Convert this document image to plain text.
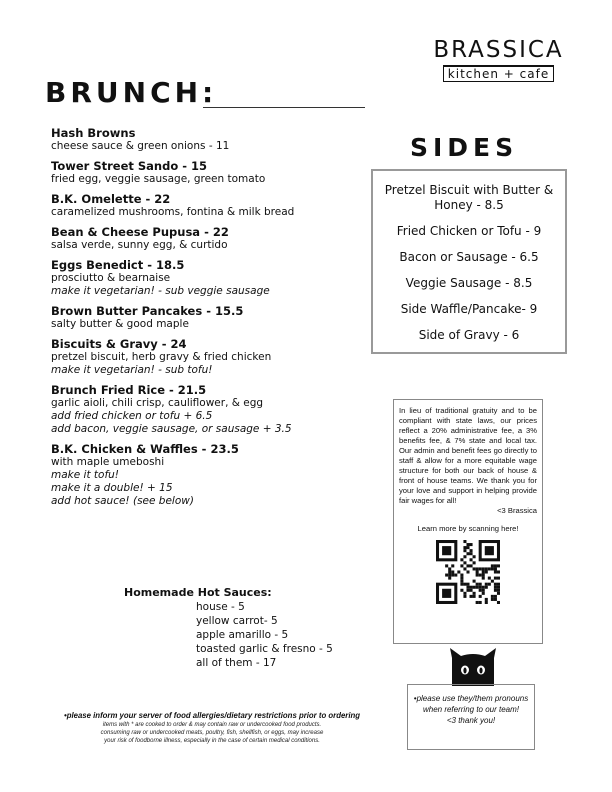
BRASSICA
kitchen + cafe
BRUNCH:
Hash Browns
cheese sauce & green onions - 11
Tower Street Sando - 15
fried egg, veggie sausage, green tomato
B.K. Omelette - 22
caramelized mushrooms, fontina & milk bread
Bean & Cheese Pupusa - 22
salsa verde, sunny egg, & curtido
Eggs Benedict - 18.5
prosciutto & bearnaise
make it vegetarian! - sub veggie sausage
Brown Butter Pancakes - 15.5
salty butter & good maple
Biscuits & Gravy - 24
pretzel biscuit, herb gravy & fried chicken
make it vegetarian! - sub tofu!
Brunch Fried Rice - 21.5
garlic aioli, chili crisp, cauliflower, & egg
add fried chicken or tofu + 6.5
add bacon, veggie sausage, or sausage + 3.5
B.K. Chicken & Waffles - 23.5
with maple umeboshi
make it tofu!
make it a double! + 15
add hot sauce! (see below)
Homemade Hot Sauces:
house - 5
yellow carrot- 5
apple amarillo - 5
toasted garlic & fresno - 5
all of them - 17
SIDES
Pretzel Biscuit with Butter & Honey - 8.5
Fried Chicken or Tofu - 9
Bacon or Sausage - 6.5
Veggie Sausage - 8.5
Side Waffle/Pancake- 9
Side of Gravy - 6

In lieu of traditional gratuity and to be compliant with state laws, our prices reflect a 20% administrative fee, a 3% benefits fee, & 7% state and local tax. Our admin and benefit fees go directly to staff & allow for a more equitable wage structure for both our back of house & front of house teams. We thank you for your love and support in helping provide fair wages for all!
<3 Brassica

Learn more by scanning here!
•please use they/them pronouns
when referring to our team!
<3 thank you!
•please inform your server of food allergies/dietary restrictions prior to ordering
items with * are cooked to order & may contain raw or undercooked food products.
consuming raw or undercooked meats, poultry, fish, shellfish, or eggs, may increase
your risk of foodborne illness, especially in the case of certain medical conditions.
